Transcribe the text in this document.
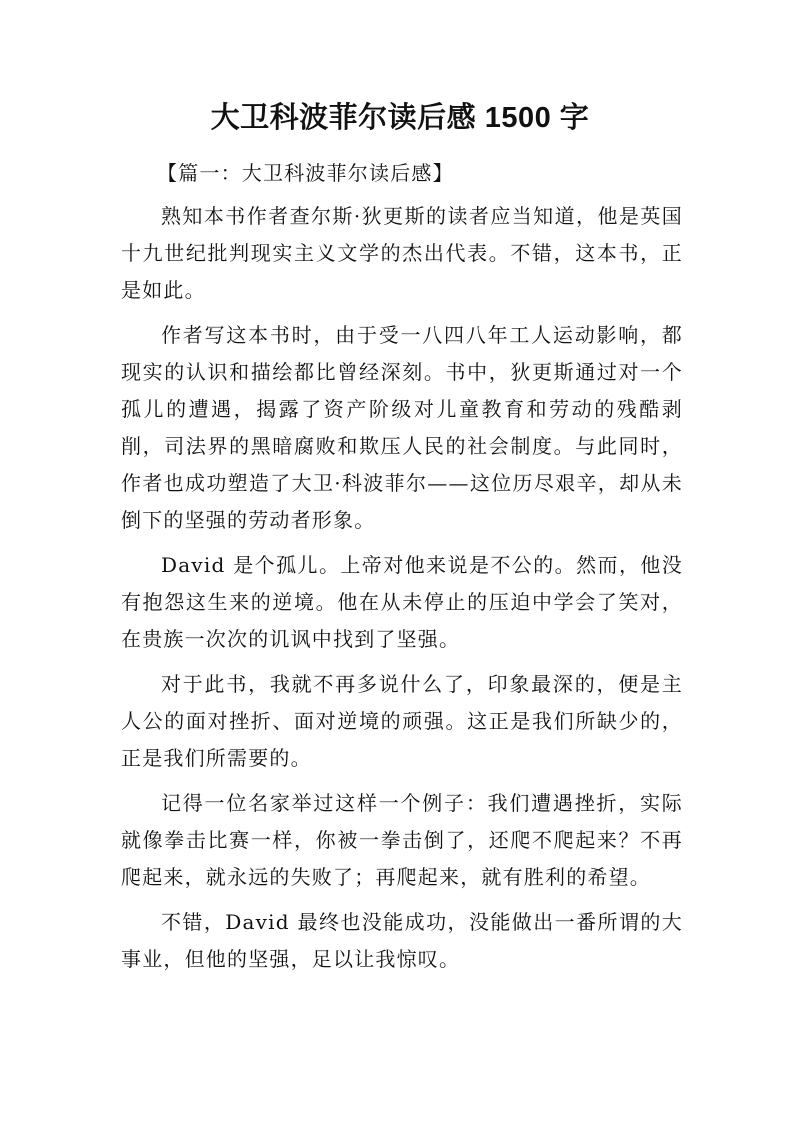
大卫科波菲尔读后感 1500 字

【篇一：大卫科波菲尔读后感】

熟知本书作者查尔斯·狄更斯的读者应当知道，他是英国十九世纪批判现实主义文学的杰出代表。不错，这本书，正是如此。

作者写这本书时，由于受一八四八年工人运动影响，都现实的认识和描绘都比曾经深刻。书中，狄更斯通过对一个孤儿的遭遇，揭露了资产阶级对儿童教育和劳动的残酷剥削，司法界的黑暗腐败和欺压人民的社会制度。与此同时，作者也成功塑造了大卫·科波菲尔——这位历尽艰辛，却从未倒下的坚强的劳动者形象。

David 是个孤儿。上帝对他来说是不公的。然而，他没有抱怨这生来的逆境。他在从未停止的压迫中学会了笑对，在贵族一次次的讥讽中找到了坚强。

对于此书，我就不再多说什么了，印象最深的，便是主人公的面对挫折、面对逆境的顽强。这正是我们所缺少的，正是我们所需要的。

记得一位名家举过这样一个例子：我们遭遇挫折，实际就像拳击比赛一样，你被一拳击倒了，还爬不爬起来？不再爬起来，就永远的失败了；再爬起来，就有胜利的希望。

不错，David 最终也没能成功，没能做出一番所谓的大事业，但他的坚强，足以让我惊叹。
